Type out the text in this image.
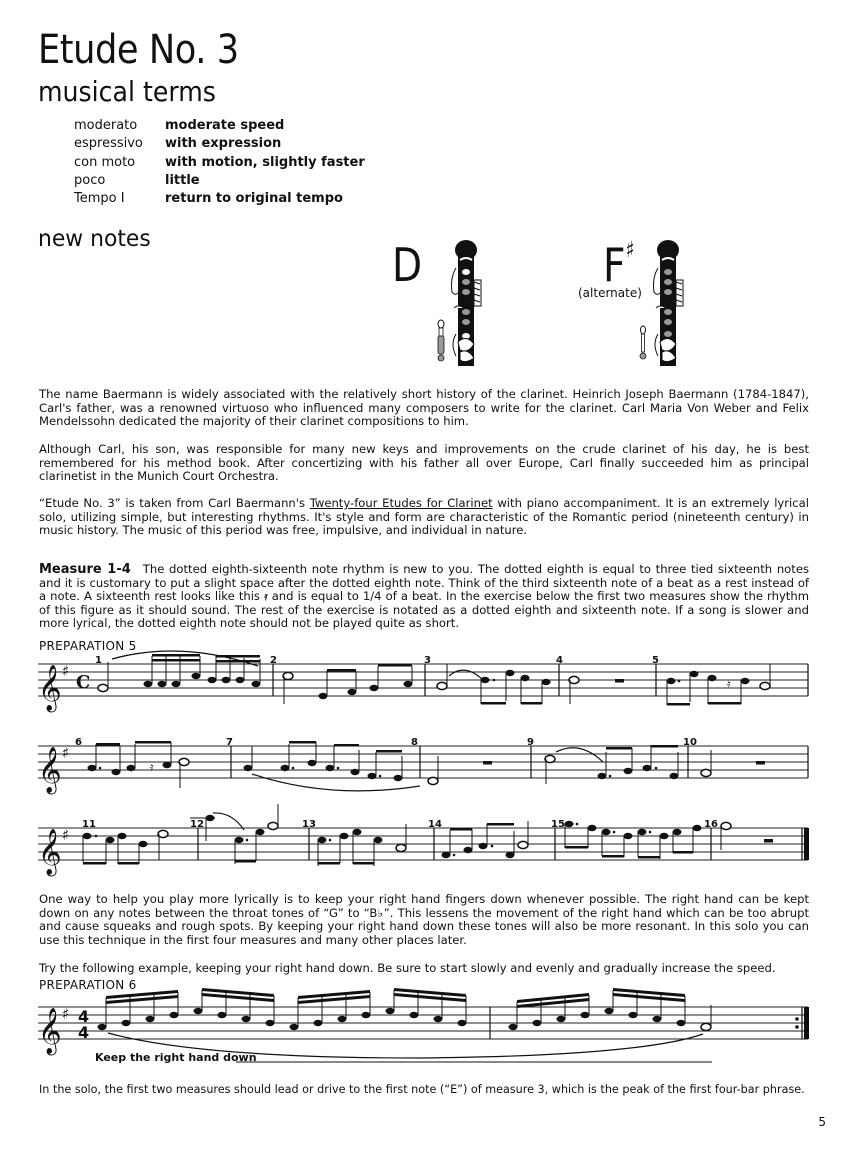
Etude No. 3
musical terms
moderato	moderate speed
espressivo	with expression
con moto	with motion, slightly faster
poco	little
Tempo I	return to original tempo
new notes	D	F♯
(alternate)
The name Baermann is widely associated with the relatively short history of the clarinet. Heinrich Joseph Baermann (1784-1847), Carl's father, was a renowned virtuoso who influenced many composers to write for the clarinet. Carl Maria Von Weber and Felix Mendelssohn dedicated the majority of their clarinet compositions to him.
Although Carl, his son, was responsible for many new keys and improvements on the crude clarinet of his day, he is best remembered for his method book. After concertizing with his father all over Europe, Carl finally succeeded him as principal clarinetist in the Munich Court Orchestra.
“Etude No. 3” is taken from Carl Baermann's Twenty-four Etudes for Clarinet with piano accompaniment. It is an extremely lyrical solo, utilizing simple, but interesting rhythms. It's style and form are characteristic of the Romantic period (nineteenth century) in music history. The music of this period was free, impulsive, and individual in nature.
Measure 1-4 The dotted eighth-sixteenth note rhythm is new to you. The dotted eighth is equal to three tied sixteenth notes and it is customary to put a slight space after the dotted eighth note. Think of the third sixteenth note of a beat as a rest instead of a note. A sixteenth rest looks like this 𝄿 and is equal to 1/4 of a beat. In the exercise below the first two measures show the rhythm of this figure as it should sound. The rest of the exercise is notated as a dotted eighth and sixteenth note. If a song is slower and more lyrical, the dotted eighth note should not be played quite as short.
PREPARATION 5
𝄞
𝄞
𝄞
♯
♯
♯
C
1	2	3	4	5
6	7	8	9	10
11	12	13	14	15	16
𝄿
𝄿
One way to help you play more lyrically is to keep your right hand fingers down whenever possible. The right hand can be kept down on any notes between the throat tones of “G” to “B♭”. This lessens the movement of the right hand which can be too abrupt and cause squeaks and rough spots. By keeping your right hand down these tones will also be more resonant. In this solo you can use this technique in the first four measures and many other places later.
Try the following example, keeping your right hand down. Be sure to start slowly and evenly and gradually increase the speed.
PREPARATION 6
𝄞 ♯ 4
4
Keep the right hand down
In the solo, the first two measures should lead or drive to the first note (“E”) of measure 3, which is the peak of the first four-bar phrase.
5
